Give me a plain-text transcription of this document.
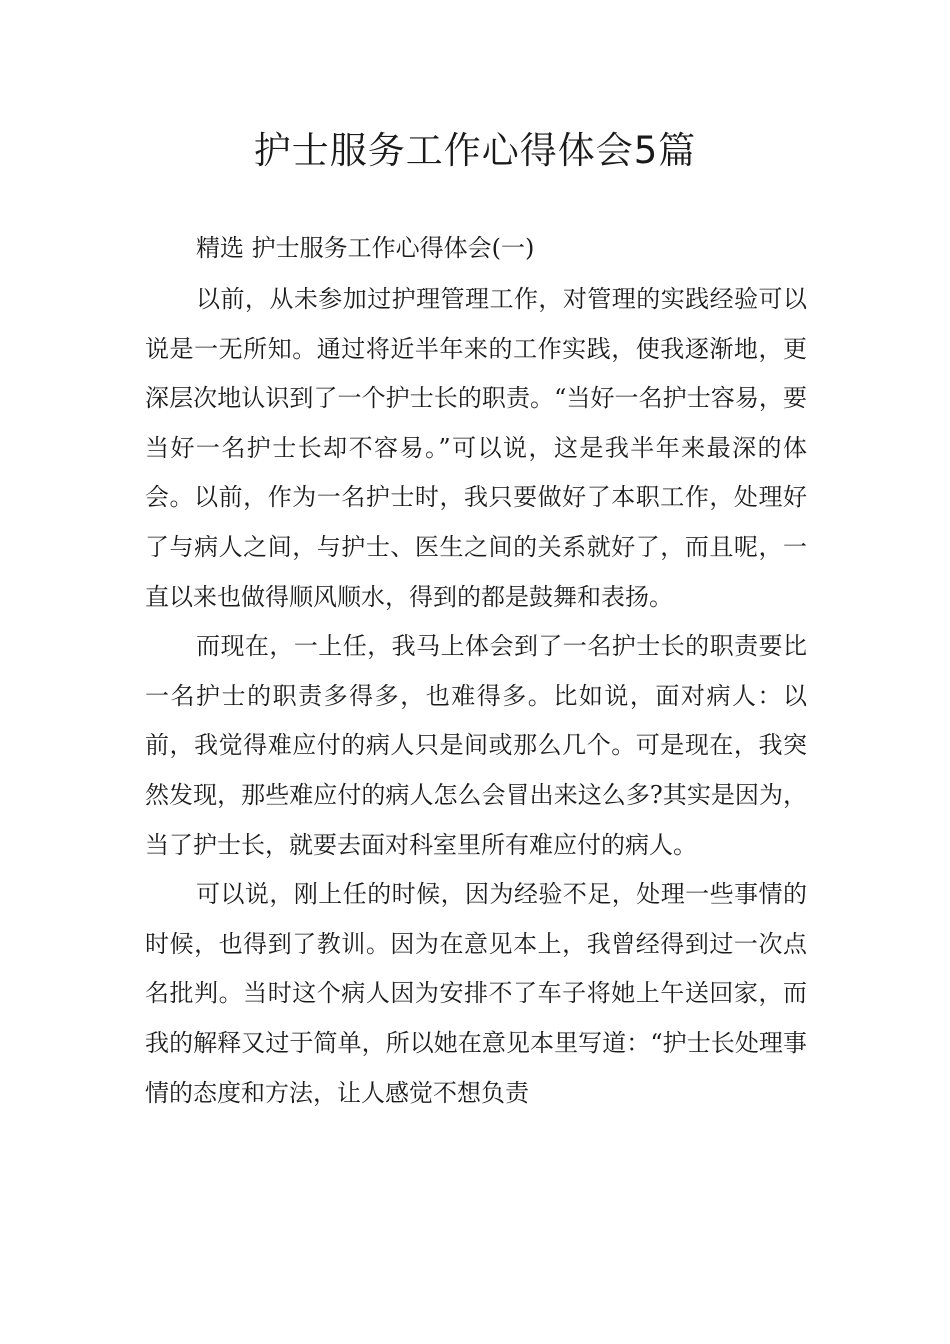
护士服务工作心得体会5篇
精选 护士服务工作心得体会(一)

以前，从未参加过护理管理工作，对管理的实践经验可以说是一无所知。通过将近半年来的工作实践，使我逐渐地，更深层次地认识到了一个护士长的职责。“当好一名护士容易，要当好一名护士长却不容易。”可以说，这是我半年来最深的体会。以前，作为一名护士时，我只要做好了本职工作，处理好了与病人之间，与护士、医生之间的关系就好了，而且呢，一直以来也做得顺风顺水，得到的都是鼓舞和表扬。

而现在，一上任，我马上体会到了一名护士长的职责要比一名护士的职责多得多，也难得多。比如说，面对病人：以前，我觉得难应付的病人只是间或那么几个。可是现在，我突然发现，那些难应付的病人怎么会冒出来这么多?其实是因为，当了护士长，就要去面对科室里所有难应付的病人。

可以说，刚上任的时候，因为经验不足，处理一些事情的时候，也得到了教训。因为在意见本上，我曾经得到过一次点名批判。当时这个病人因为安排不了车子将她上午送回家，而我的解释又过于简单，所以她在意见本里写道：“护士长处理事情的态度和方法，让人感觉不想负责
